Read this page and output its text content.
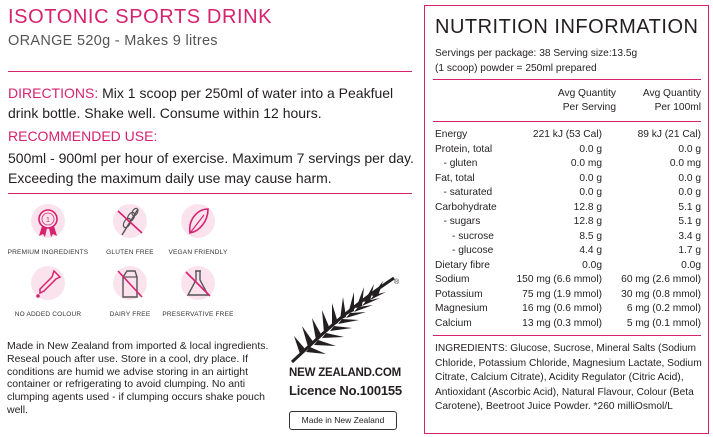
ISOTONIC SPORTS DRINK
ORANGE 520g - Makes 9 litres
DIRECTIONS: Mix 1 scoop per 250ml of water into a Peakfuel drink bottle. Shake well. Consume within 12 hours.
RECOMMENDED USE:
500ml - 900ml per hour of exercise. Maximum 7 servings per day. Exceeding the maximum daily use may cause harm.
1
PREMIUM INGREDIENTS	GLUTEN FREE	VEGAN FRIENDLY
NO ADDED COLOUR	DAIRY FREE	PRESERVATIVE FREE
Made in New Zealand from imported & local ingredients. Reseal pouch after use. Store in a cool, dry place. If conditions are humid we advise storing in an airtight container or refrigerating to avoid clumping. No anti clumping agents used - if clumping occurs shake pouch well.
®
NEW ZEALAND.COM
Licence No.100155
Made in New Zealand
NUTRITION INFORMATION
Servings per package: 38 Serving size:13.5g
(1 scoop) powder = 250ml prepared
Avg Quantity
Per Serving
Avg Quantity
Per 100ml
Energy	221 kJ (53 Cal)	89 kJ (21 Cal)
Protein, total	0.0 g	0.0 g
- gluten	0.0 mg	0.0 mg
Fat, total	0.0 g	0.0 g
- saturated	0.0 g	0.0 g
Carbohydrate	12.8 g	5.1 g
- sugars	12.8 g	5.1 g
- sucrose	8.5 g	3.4 g
- glucose	4.4 g	1.7 g
Dietary fibre	0.0g	0.0g
Sodium	150 mg (6.6 mmol) 60 mg (2.6 mmol)
Potassium	75 mg (1.9 mmol) 30 mg (0.8 mmol)
Magnesium	16 mg (0.6 mmol) 6 mg (0.2 mmol)
Calcium	13 mg (0.3 mmol) 5 mg (0.1 mmol)
INGREDIENTS: Glucose, Sucrose, Mineral Salts (Sodium Chloride, Potassium Chloride, Magnesium Lactate, Sodium Citrate, Calcium Citrate), Acidity Regulator (Citric Acid), Antioxidant (Ascorbic Acid), Natural Flavour, Colour (Beta Carotene), Beetroot Juice Powder. *260 milliOsmol/L
